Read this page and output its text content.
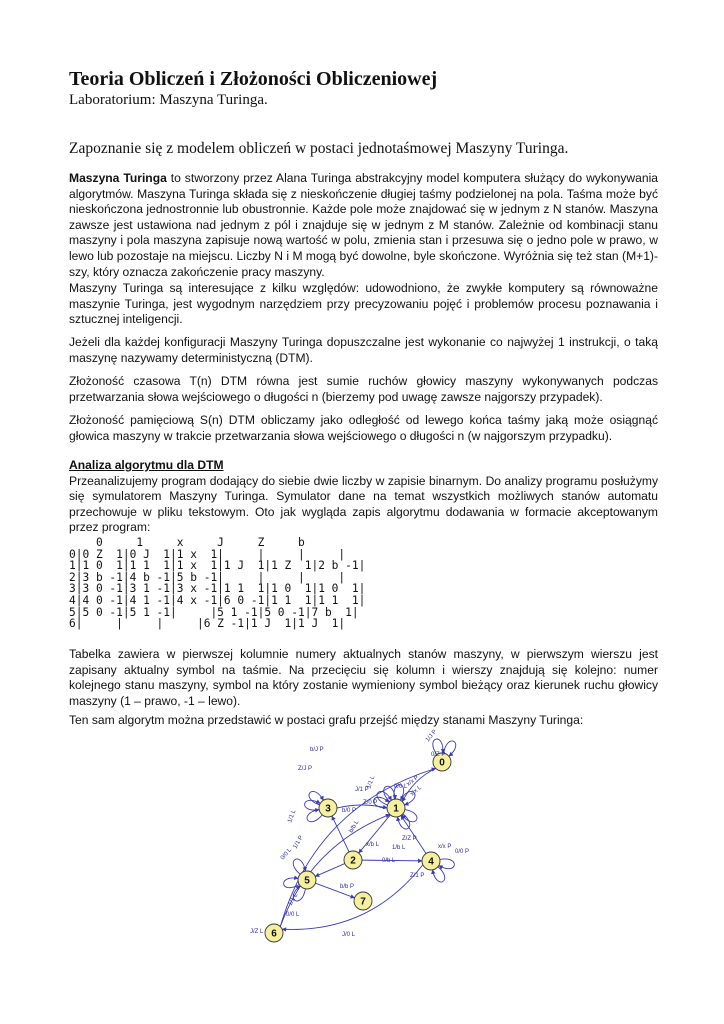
Teoria Obliczeń i Złożoności Obliczeniowej
Laboratorium: Maszyna Turinga.
Zapoznanie się z modelem obliczeń w postaci jednotaśmowej Maszyny Turinga.

Maszyna Turinga to stworzony przez Alana Turinga abstrakcyjny model komputera służący do wykonywania algorytmów. Maszyna Turinga składa się z nieskończenie długiej taśmy podzielonej na pola. Taśma może być nieskończona jednostronnie lub obustronnie. Każde pole może znajdować się w jednym z N stanów. Maszyna zawsze jest ustawiona nad jednym z pól i znajduje się w jednym z M stanów. Zależnie od kombinacji stanu maszyny i pola maszyna zapisuje nową wartość w polu, zmienia stan i przesuwa się o jedno pole w prawo, w lewo lub pozostaje na miejscu. Liczby N i M mogą być dowolne, byle skończone. Wyróżnia się też stan (M+1)-szy, który oznacza zakończenie pracy maszyny.

Maszyny Turinga są interesujące z kilku względów: udowodniono, że zwykłe komputery są równoważne maszynie Turinga, jest wygodnym narzędziem przy precyzowaniu pojęć i problemów procesu poznawania i sztucznej inteligencji.

Jeżeli dla każdej konfiguracji Maszyny Turinga dopuszczalne jest wykonanie co najwyżej 1 instrukcji, o taką maszynę nazywamy deterministyczną (DTM).

Złożoność czasowa T(n) DTM równa jest sumie ruchów głowicy maszyny wykonywanych podczas przetwarzania słowa wejściowego o długości n (bierzemy pod uwagę zawsze najgorszy przypadek).

Złożoność pamięciową S(n) DTM obliczamy jako odległość od lewego końca taśmy jaką może osiągnąć głowica maszyny w trakcie przetwarzania słowa wejściowego o długości n (w najgorszym przypadku).

Analiza algorytmu dla DTM
Przeanalizujemy program dodający do siebie dwie liczby w zapisie binarnym. Do analizy programu posłużymy się symulatorem Maszyny Turinga. Symulator dane na temat wszystkich możliwych stanów automatu przechowuje w pliku tekstowym. Oto jak wygląda zapis algorytmu dodawania w formacie akceptowanym przez program:

0     1     x     J     Z     b
0|0 Z  1|0 J  1|1 x  1|     |     |     |
1|1 0  1|1 1  1|1 x  1|1 J  1|1 Z  1|2 b -1|
2|3 b -1|4 b -1|5 b -1|     |     |     |
3|3 0 -1|3 1 -1|3 x -1|1 1  1|1 0  1|1 0  1|
4|4 0 -1|4 1 -1|4 x -1|6 0 -1|1 1  1|1 1  1|
5|5 0 -1|5 1 -1|     |5 1 -1|5 0 -1|7 b  1|
6|     |     |     |6 Z -1|1 J  1|1 J  1|

Tabelka zawiera w pierwszej kolumnie numery aktualnych stanów maszyny, w pierwszym wierszu jest zapisany aktualny symbol na taśmie. Na przecięciu się kolumn i wierszy znajdują się kolejno: numer kolejnego stanu maszyny, symbol na który zostanie wymieniony symbol bieżący oraz kierunek ruchu głowicy maszyny (1 – prawo, -1 – lewo).

Ten sam algorytm można przedstawić w postaci grafu przejść między stanami Maszyny Turinga:

0
1
2
3
4
5
6
7
1/J P
0/Z P
b/J P
Z/J P
x/x P
J/1 P
Z/0 P
b/0 P
x/x L
0/0 L
1/1 L
b/b L
Z/Z P
1/b L
0/b L
x/b L
1/1 L
0/0 L
1/1 P
1/1 L
0/0 L
b/b P
J/0 L
J/Z L
x/x P
0/0 P
Z/1 P
